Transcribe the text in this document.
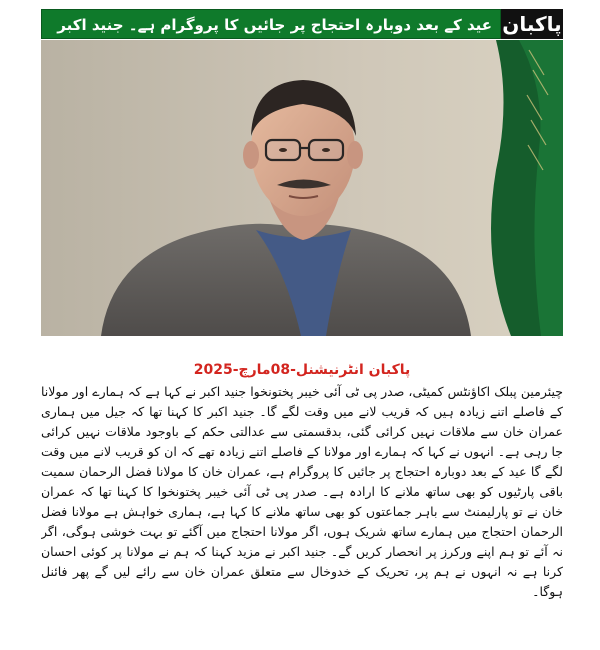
عید کے بعد دوبارہ احتجاج پر جائیں کا پروگرام ہے۔ جنید اکبر پاکبان
پاکبان انٹرنیشنل-08مارچ-2025
چیئرمین پبلک اکاؤنٹس کمیٹی، صدر پی ٹی آئی خیبر پختونخوا جنید اکبر نے کہا ہے کہ ہمارے اور مولانا کے فاصلے اتنے زیادہ ہیں کہ قریب لانے میں وقت لگے گا۔ جنید اکبر کا کہنا تھا کہ جیل میں ہماری عمران خان سے ملاقات نہیں کرائی گئی، بدقسمتی سے عدالتی حکم کے باوجود ملاقات نہیں کرائی جا رہی ہے۔ انہوں نے کہا کہ ہمارے اور مولانا کے فاصلے اتنے زیادہ تھے کہ ان کو قریب لانے میں وقت لگے گا عید کے بعد دوبارہ احتجاج پر جائیں کا پروگرام ہے، عمران خان کا مولانا فضل الرحمان سمیت باقی پارٹیوں کو بھی ساتھ ملانے کا ارادہ ہے۔ صدر پی ٹی آئی خیبر پختونخوا کا کہنا تھا کہ عمران خان نے تو پارلیمنٹ سے باہر جماعتوں کو بھی ساتھ ملانے کا کہا ہے، ہماری خواہش ہے مولانا فضل الرحمان احتجاج میں ہمارے ساتھ شریک ہوں، اگر مولانا احتجاج میں آگئے تو بہت خوشی ہوگی، اگر نہ آئے تو ہم اپنے ورکرز پر انحصار کریں گے۔ جنید اکبر نے مزید کہنا کہ ہم نے مولانا پر کوئی احسان کرنا ہے نہ انہوں نے ہم پر، تحریک کے خدوخال سے متعلق عمران خان سے رائے لیں گے پھر فائنل ہوگا۔
